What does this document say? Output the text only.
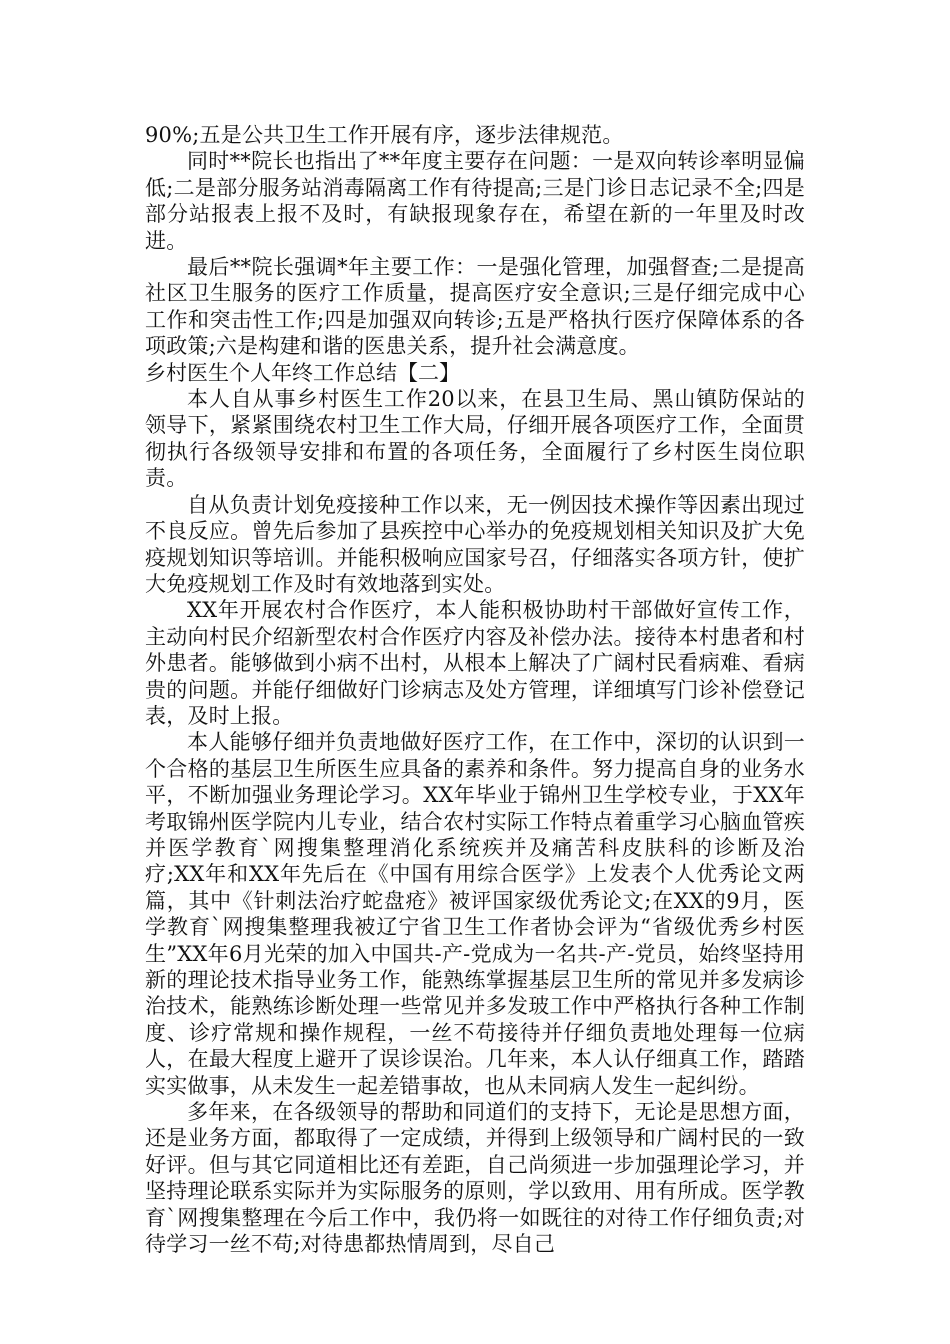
90%;五是公共卫生工作开展有序，逐步法律规范。

同时**院长也指出了**年度主要存在问题：一是双向转诊率明显偏低;二是部分服务站消毒隔离工作有待提高;三是门诊日志记录不全;四是部分站报表上报不及时，有缺报现象存在，希望在新的一年里及时改进。

最后**院长强调*年主要工作：一是强化管理，加强督查;二是提高社区卫生服务的医疗工作质量，提高医疗安全意识;三是仔细完成中心工作和突击性工作;四是加强双向转诊;五是严格执行医疗保障体系的各项政策;六是构建和谐的医患关系，提升社会满意度。

乡村医生个人年终工作总结【二】

本人自从事乡村医生工作20以来，在县卫生局、黑山镇防保站的领导下，紧紧围绕农村卫生工作大局，仔细开展各项医疗工作，全面贯彻执行各级领导安排和布置的各项任务，全面履行了乡村医生岗位职责。

自从负责计划免疫接种工作以来，无一例因技术操作等因素出现过不良反应。曾先后参加了县疾控中心举办的免疫规划相关知识及扩大免疫规划知识等培训。并能积极响应国家号召，仔细落实各项方针，使扩大免疫规划工作及时有效地落到实处。

XX年开展农村合作医疗，本人能积极协助村干部做好宣传工作，主动向村民介绍新型农村合作医疗内容及补偿办法。接待本村患者和村外患者。能够做到小病不出村，从根本上解决了广阔村民看病难、看病贵的问题。并能仔细做好门诊病志及处方管理，详细填写门诊补偿登记表，及时上报。

本人能够仔细并负责地做好医疗工作，在工作中，深切的认识到一个合格的基层卫生所医生应具备的素养和条件。努力提高自身的业务水平，不断加强业务理论学习。XX年毕业于锦州卫生学校专业，于XX年考取锦州医学院内儿专业，结合农村实际工作特点着重学习心脑血管疾并医学教育`网搜集整理消化系统疾并及痛苦科皮肤科的诊断及治疗;XX年和XX年先后在《中国有用综合医学》上发表个人优秀论文两篇，其中《针刺法治疗蛇盘疮》被评国家级优秀论文;在XX的9月，医学教育`网搜集整理我被辽宁省卫生工作者协会评为“省级优秀乡村医生”XX年6月光荣的加入中国共-产-党成为一名共-产-党员，始终坚持用新的理论技术指导业务工作，能熟练掌握基层卫生所的常见并多发病诊治技术，能熟练诊断处理一些常见并多发玻工作中严格执行各种工作制度、诊疗常规和操作规程，一丝不苟接待并仔细负责地处理每一位病人，在最大程度上避开了误诊误治。几年来，本人认仔细真工作，踏踏实实做事，从未发生一起差错事故，也从未同病人发生一起纠纷。

多年来，在各级领导的帮助和同道们的支持下，无论是思想方面，还是业务方面，都取得了一定成绩，并得到上级领导和广阔村民的一致好评。但与其它同道相比还有差距，自己尚须进一步加强理论学习，并坚持理论联系实际并为实际服务的原则，学以致用、用有所成。医学教育`网搜集整理在今后工作中，我仍将一如既往的对待工作仔细负责;对待学习一丝不苟;对待患都热情周到，尽自己
